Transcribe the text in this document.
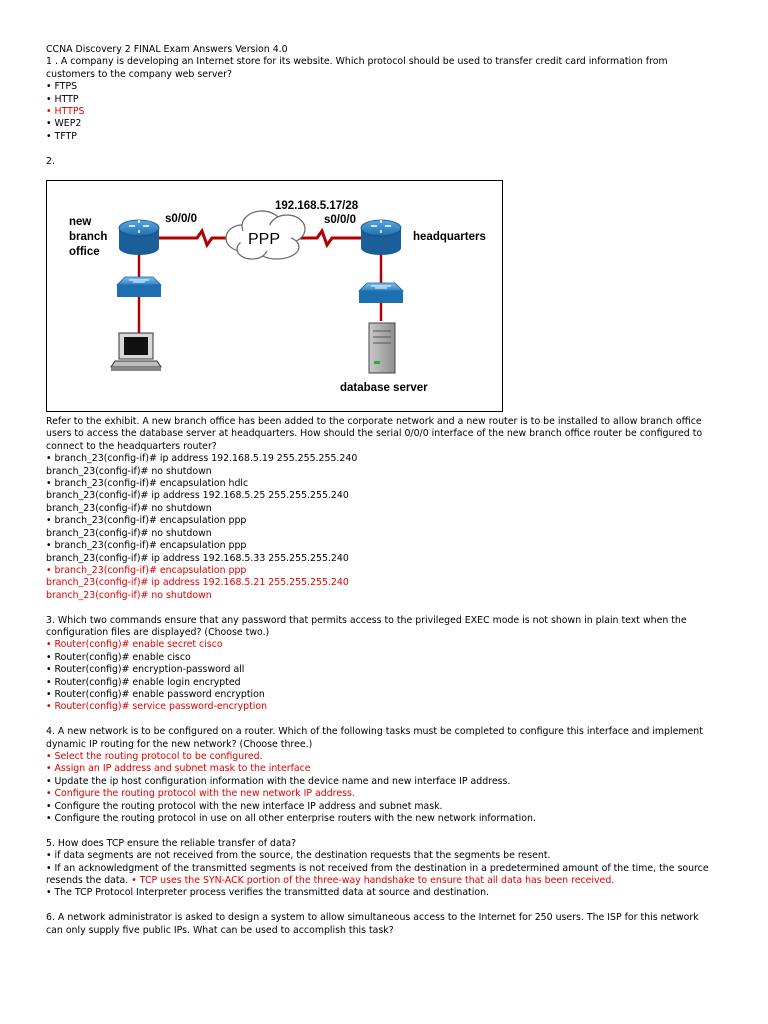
CCNA Discovery 2 FINAL Exam Answers Version 4.0
1 . A company is developing an Internet store for its website. Which protocol should be used to transfer credit card information from customers to the company web server?
• FTPS
• HTTP
• HTTPS
• WEP2
• TFTP
2.
new
branch
office
s0/0/0
192.168.5.17/28
s0/0/0
headquarters
PPP
database server
Refer to the exhibit. A new branch office has been added to the corporate network and a new router is to be installed to allow branch office users to access the database server at headquarters. How should the serial 0/0/0 interface of the new branch office router be configured to connect to the headquarters router?
• branch_23(config-if)# ip address 192.168.5.19 255.255.255.240
branch_23(config-if)# no shutdown
• branch_23(config-if)# encapsulation hdlc
branch_23(config-if)# ip address 192.168.5.25 255.255.255.240
branch_23(config-if)# no shutdown
• branch_23(config-if)# encapsulation ppp
branch_23(config-if)# no shutdown
• branch_23(config-if)# encapsulation ppp
branch_23(config-if)# ip address 192.168.5.33 255.255.255.240
• branch_23(config-if)# encapsulation ppp
branch_23(config-if)# ip address 192.168.5.21 255.255.255.240
branch_23(config-if)# no shutdown
3. Which two commands ensure that any password that permits access to the privileged EXEC mode is not shown in plain text when the configuration files are displayed? (Choose two.)
• Router(config)# enable secret cisco
• Router(config)# enable cisco
• Router(config)# encryption-password all
• Router(config)# enable login encrypted
• Router(config)# enable password encryption
• Router(config)# service password-encryption
4. A new network is to be configured on a router. Which of the following tasks must be completed to configure this interface and implement dynamic IP routing for the new network? (Choose three.)
• Select the routing protocol to be configured.
• Assign an IP address and subnet mask to the interface
• Update the ip host configuration information with the device name and new interface IP address.
• Configure the routing protocol with the new network IP address.
• Configure the routing protocol with the new interface IP address and subnet mask.
• Configure the routing protocol in use on all other enterprise routers with the new network information.
5. How does TCP ensure the reliable transfer of data?
• if data segments are not received from the source, the destination requests that the segments be resent.
• If an acknowledgment of the transmitted segments is not received from the destination in a predetermined amount of the time, the source resends the data. • TCP uses the SYN-ACK portion of the three-way handshake to ensure that all data has been received.
• The TCP Protocol Interpreter process verifies the transmitted data at source and destination.
6. A network administrator is asked to design a system to allow simultaneous access to the Internet for 250 users. The ISP for this network can only supply five public IPs. What can be used to accomplish this task?
